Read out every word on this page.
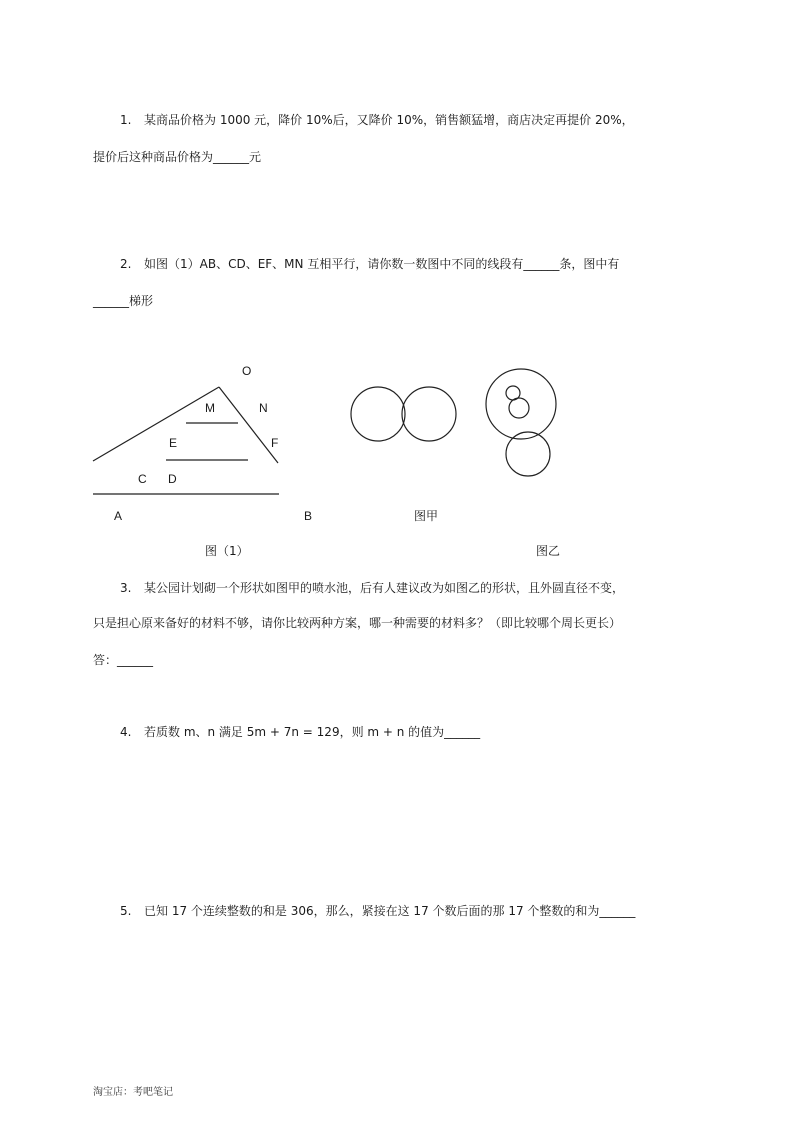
1. 某商品价格为 1000 元，降价 10%后，又降价 10%，销售额猛增，商店决定再提价 20%，
提价后这种商品价格为______元
2. 如图（1）AB、CD、EF、MN 互相平行，请你数一数图中不同的线段有______条，图中有
______梯形
O
M	N
E	F
C D
A	B	图甲
图（1）	图乙
3. 某公园计划砌一个形状如图甲的喷水池，后有人建议改为如图乙的形状，且外圆直径不变，
只是担心原来备好的材料不够，请你比较两种方案，哪一种需要的材料多？（即比较哪个周长更长）
答：______
4. 若质数 m、n 满足 5m + 7n = 129，则 m + n 的值为______
5. 已知 17 个连续整数的和是 306，那么，紧接在这 17 个数后面的那 17 个整数的和为______
淘宝店：考吧笔记
